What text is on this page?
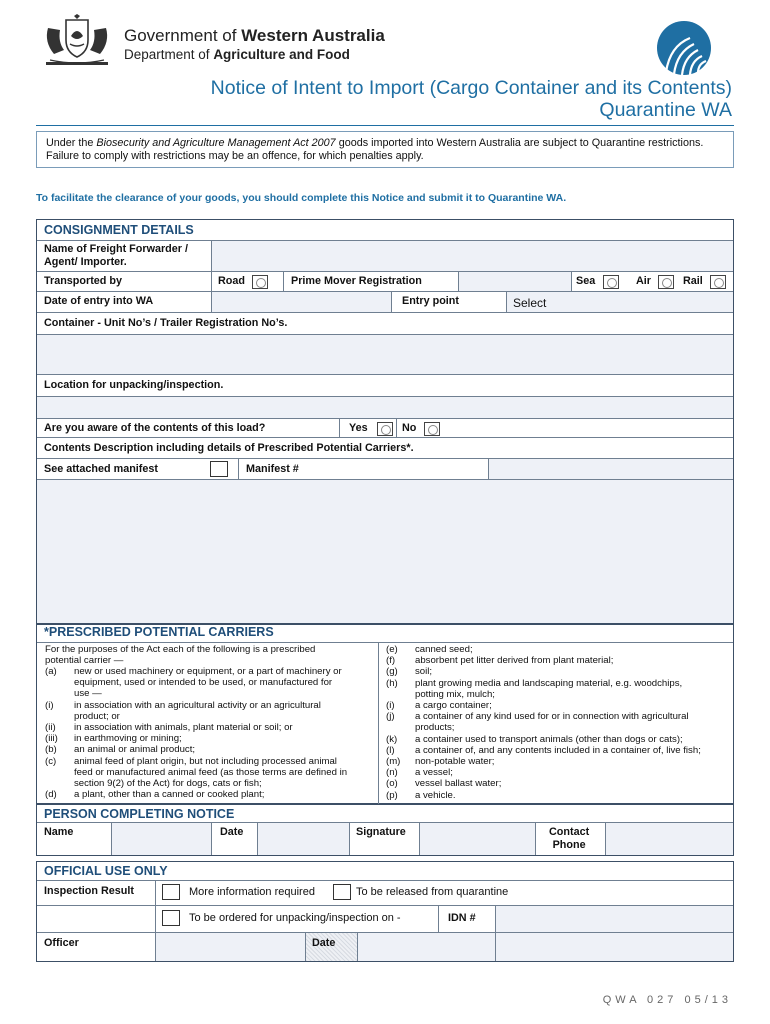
Government of Western Australia
Department of Agriculture and Food
Notice of Intent to Import (Cargo Container and its Contents)
Quarantine WA
Under the Biosecurity and Agriculture Management Act 2007 goods imported into Western Australia are subject to Quarantine restrictions.
Failure to comply with restrictions may be an offence, for which penalties apply.
To facilitate the clearance of your goods, you should complete this Notice and submit it to Quarantine WA.
CONSIGNMENT DETAILS
Name of Freight Forwarder / Agent/ Importer.
Transported by	Road	Prime Mover Registration	Sea	Air	Rail
Date of entry into WA	Entry point	Select
Container - Unit No’s / Trailer Registration No’s.
Location for unpacking/inspection.
Are you aware of the contents of this load?	Yes	No
Contents Description including details of Prescribed Potential Carriers*.
See attached manifest	Manifest #
*PRESCRIBED POTENTIAL CARRIERS
For the purposes of the Act each of the following is a prescribed
potential carrier —
(a) new or used machinery or equipment, or a part of machinery or
equipment, used or intended to be used, or manufactured for
use —
(i) in association with an agricultural activity or an agricultural
product; or
(ii) in association with animals, plant material or soil; or
(iii) in earthmoving or mining;
(b) an animal or animal product;
(c) animal feed of plant origin, but not including processed animal
feed or manufactured animal feed (as those terms are defined in
section 9(2) of the Act) for dogs, cats or fish;
(d) a plant, other than a canned or cooked plant;
(e) canned seed;
(f) absorbent pet litter derived from plant material;
(g) soil;
(h) plant growing media and landscaping material, e.g. woodchips,
potting mix, mulch;
(i) a cargo container;
(j) a container of any kind used for or in connection with agricultural
products;
(k) a container used to transport animals (other than dogs or cats);
(l) a container of, and any contents included in a container of, live fish;
(m) non-potable water;
(n) a vessel;
(o) vessel ballast water;
(p) a vehicle.
PERSON COMPLETING NOTICE
Name	Date	Signature	Contact
Phone
OFFICIAL USE ONLY
Inspection Result	More information required	To be released from quarantine
To be ordered for unpacking/inspection on -	IDN #
Officer	Date
QWA 027 05/13
